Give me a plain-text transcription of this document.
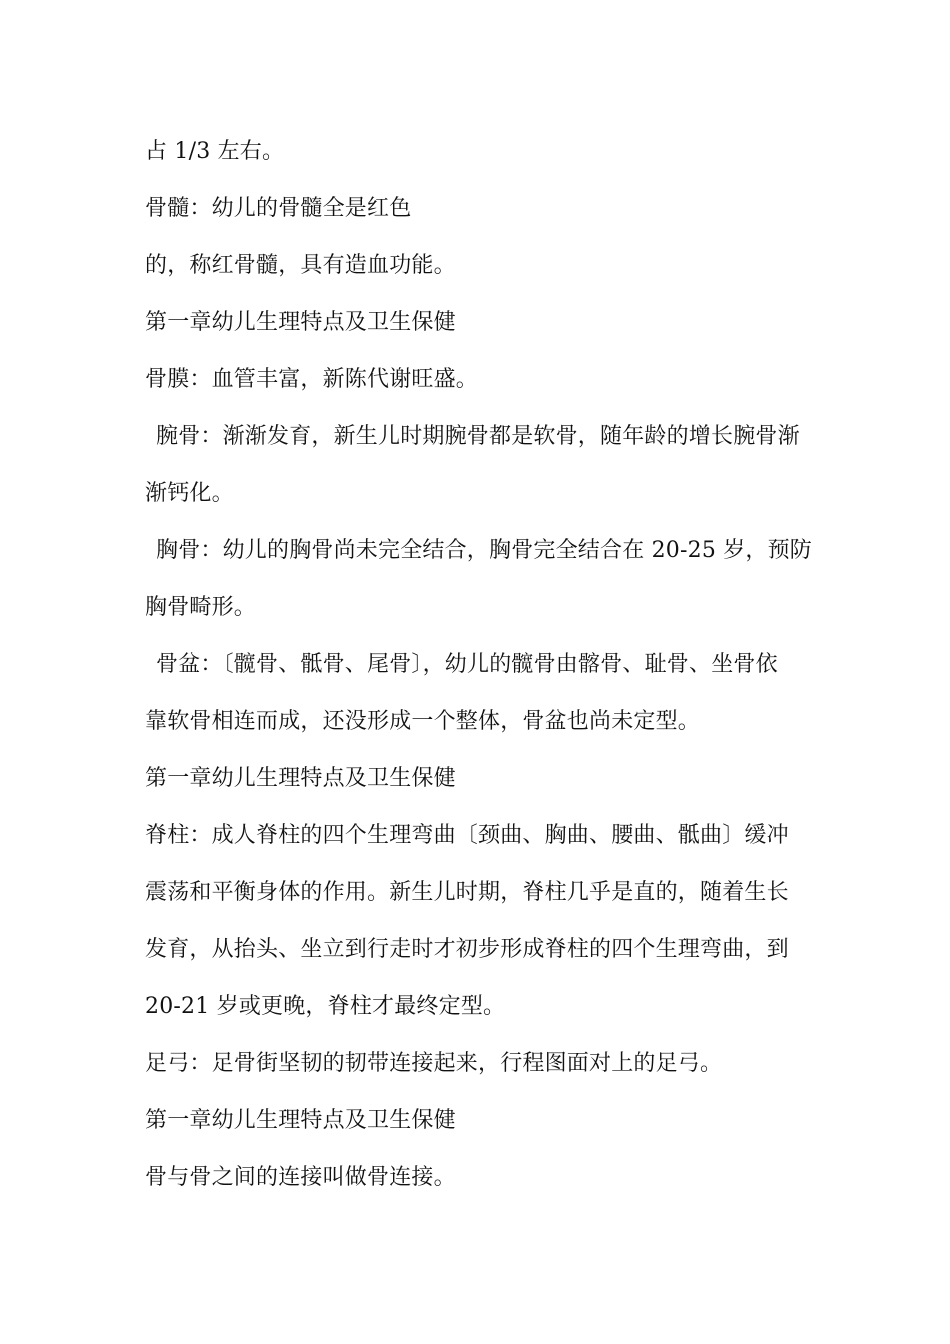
占 1/3 左右。
骨髓：幼儿的骨髓全是红色
的，称红骨髓，具有造血功能。
第一章幼儿生理特点及卫生保健
骨膜：血管丰富，新陈代谢旺盛。
腕骨：渐渐发育，新生儿时期腕骨都是软骨，随年龄的增长腕骨渐
渐钙化。
胸骨：幼儿的胸骨尚未完全结合，胸骨完全结合在 20-25 岁，预防
胸骨畸形。
骨盆：〔髋骨、骶骨、尾骨〕，幼儿的髋骨由髂骨、耻骨、坐骨依
靠软骨相连而成，还没形成一个整体，骨盆也尚未定型。
第一章幼儿生理特点及卫生保健
脊柱：成人脊柱的四个生理弯曲〔颈曲、胸曲、腰曲、骶曲〕缓冲
震荡和平衡身体的作用。新生儿时期，脊柱几乎是直的，随着生长
发育，从抬头、坐立到行走时才初步形成脊柱的四个生理弯曲，到
20-21 岁或更晚，脊柱才最终定型。
足弓：足骨街坚韧的韧带连接起来，行程图面对上的足弓。
第一章幼儿生理特点及卫生保健
骨与骨之间的连接叫做骨连接。
